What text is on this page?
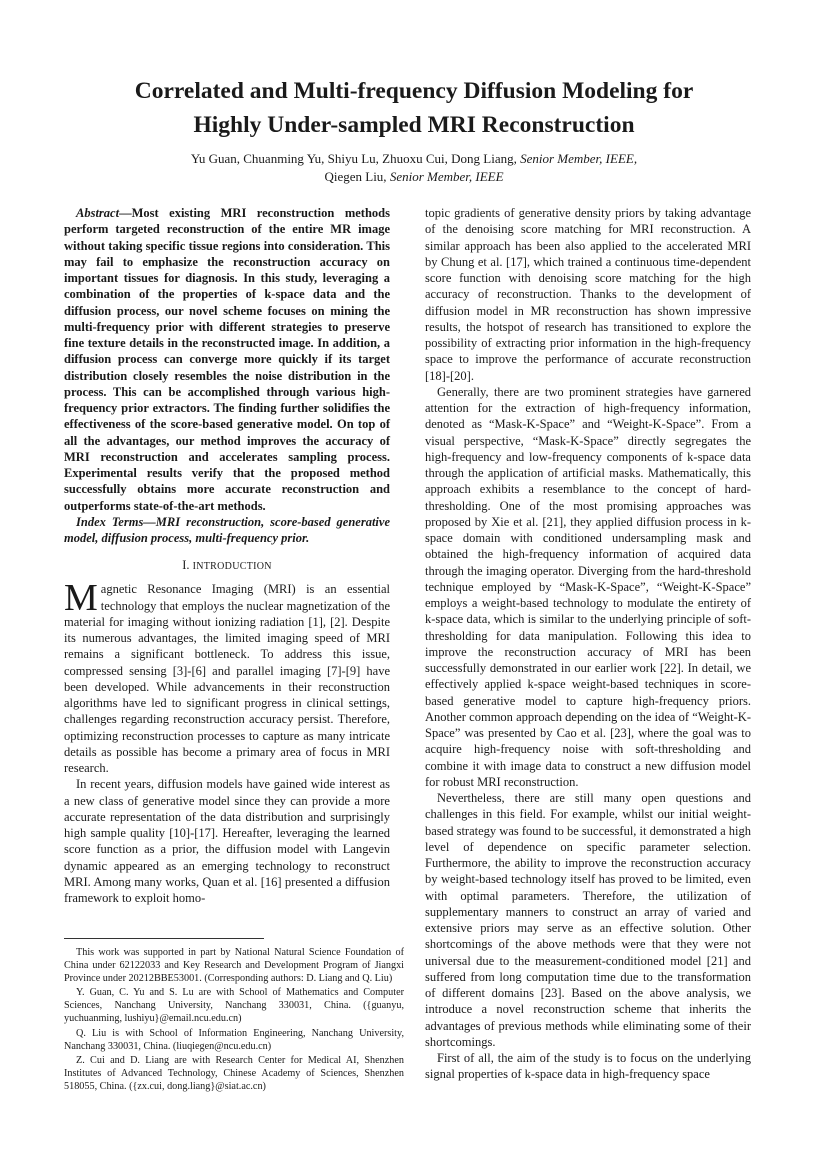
Correlated and Multi-frequency Diffusion Modeling for
Highly Under-sampled MRI Reconstruction
Yu Guan, Chuanming Yu, Shiyu Lu, Zhuoxu Cui, Dong Liang, Senior Member, IEEE,
Qiegen Liu, Senior Member, IEEE

Abstract—Most existing MRI reconstruction methods perform targeted reconstruction of the entire MR image without taking specific tissue regions into consideration. This may fail to emphasize the reconstruction accuracy on important tissues for diagnosis. In this study, leveraging a combination of the properties of k-space data and the diffusion process, our novel scheme focuses on mining the multi-frequency prior with different strategies to preserve fine texture details in the reconstructed image. In addition, a diffusion process can converge more quickly if its target distribution closely resembles the noise distribution in the process. This can be accomplished through various high-frequency prior extractors. The finding further solidifies the effectiveness of the score-based generative model. On top of all the advantages, our method improves the accuracy of MRI reconstruction and accelerates sampling process. Experimental results verify that the proposed method successfully obtains more accurate reconstruction and outperforms state-of-the-art methods.

Index Terms—MRI reconstruction, score-based generative model, diffusion process, multi-frequency prior.

I. INTRODUCTION

Magnetic Resonance Imaging (MRI) is an essential technology that employs the nuclear magnetization of the material for imaging without ionizing radiation [1], [2]. Despite its numerous advantages, the limited imaging speed of MRI remains a significant bottleneck. To address this issue, compressed sensing [3]-[6] and parallel imaging [7]-[9] have been developed. While advancements in their reconstruction algorithms have led to significant progress in clinical settings, challenges regarding reconstruction accuracy persist. Therefore, optimizing reconstruction processes to capture as many intricate details as possible has become a primary area of focus in MRI research.

In recent years, diffusion models have gained wide interest as a new class of generative model since they can provide a more accurate representation of the data distribution and surprisingly high sample quality [10]-[17]. Hereafter, leveraging the learned score function as a prior, the diffusion model with Langevin dynamic appeared as an emerging technology to reconstruct MRI. Among many works, Quan et al. [16] presented a diffusion framework to exploit homo-

topic gradients of generative density priors by taking advantage of the denoising score matching for MRI reconstruction. A similar approach has been also applied to the accelerated MRI by Chung et al. [17], which trained a continuous time-dependent score function with denoising score matching for the high accuracy of reconstruction. Thanks to the development of diffusion model in MR reconstruction has shown impressive results, the hotspot of research has transitioned to explore the possibility of extracting prior information in the high-frequency space to improve the performance of accurate reconstruction [18]-[20].

Generally, there are two prominent strategies have garnered attention for the extraction of high-frequency information, denoted as “Mask-K-Space” and “Weight-K-Space”. From a visual perspective, “Mask-K-Space” directly segregates the high-frequency and low-frequency components of k-space data through the application of artificial masks. Mathematically, this approach exhibits a resemblance to the concept of hard-thresholding. One of the most promising approaches was proposed by Xie et al. [21], they applied diffusion process in k-space domain with conditioned undersampling mask and obtained the high-frequency information of acquired data through the imaging operator. Diverging from the hard-threshold technique employed by “Mask-K-Space”, “Weight-K-Space” employs a weight-based technology to modulate the entirety of k-space data, which is similar to the underlying principle of soft-thresholding for data manipulation. Following this idea to improve the reconstruction accuracy of MRI has been successfully demonstrated in our earlier work [22]. In detail, we effectively applied k-space weight-based techniques in score-based generative model to capture high-frequency priors. Another common approach depending on the idea of “Weight-K-Space” was presented by Cao et al. [23], where the goal was to acquire high-frequency noise with soft-thresholding and combine it with image data to construct a new diffusion model for robust MRI reconstruction.

Nevertheless, there are still many open questions and challenges in this field. For example, whilst our initial weight-based strategy was found to be successful, it demonstrated a high level of dependence on specific parameter selection. Furthermore, the ability to improve the reconstruction accuracy by weight-based technology itself has proved to be limited, even with optimal parameters. Therefore, the utilization of supplementary manners to construct an array of varied and extensive priors may serve as an effective solution. Other shortcomings of the above methods were that they were not universal due to the measurement-conditioned model [21] and suffered from long computation time due to the transformation of different domains [23]. Based on the above analysis, we introduce a novel reconstruction scheme that inherits the advantages of previous methods while eliminating some of their shortcomings.

First of all, the aim of the study is to focus on the underlying signal properties of k-space data in high-frequency space

This work was supported in part by National Natural Science Foundation of China under 62122033 and Key Research and Development Program of Jiangxi Province under 20212BBE53001. (Corresponding authors: D. Liang and Q. Liu)

Y. Guan, C. Yu and S. Lu are with School of Mathematics and Computer Sciences, Nanchang University, Nanchang 330031, China. ({guanyu, yuchuanming, lushiyu}@email.ncu.edu.cn)

Q. Liu is with School of Information Engineering, Nanchang University, Nanchang 330031, China. (liuqiegen@ncu.edu.cn)

Z. Cui and D. Liang are with Research Center for Medical AI, Shenzhen Institutes of Advanced Technology, Chinese Academy of Sciences, Shenzhen 518055, China. ({zx.cui, dong.liang}@siat.ac.cn)
